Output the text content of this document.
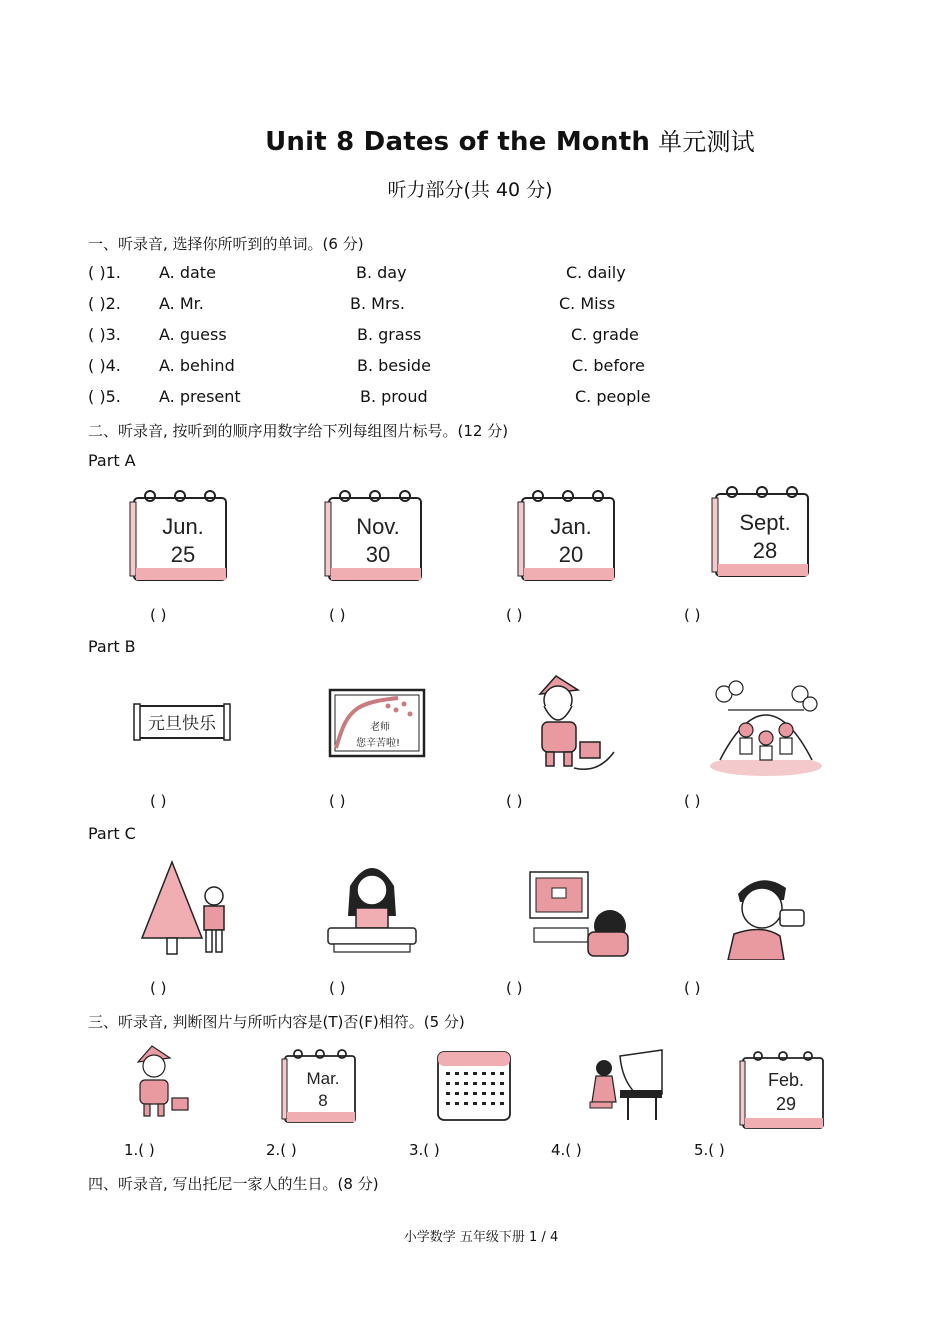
Unit 8 Dates of the Month 单元测试
听力部分(共 40 分)
一、听录音, 选择你所听到的单词。(6 分)
( )1. A. date	B. day	C. daily
( )2. A. Mr.	B. Mrs.	C. Miss
( )3. A. guess	B. grass	C. grade
( )4. A. behind	B. beside	C. before
( )5. A. present	B. proud	C. people
二、听录音, 按听到的顺序用数字给下列每组图片标号。(12 分)
Part A
Jun.
25
Nov.
30
Jan.
20
Sept.
28
( )	( )	( )	( )
Part B
元旦快乐	老师
您辛苦啦!
( )	( )	( )	( )
Part C
( )	( )	( )	( )
三、听录音, 判断图片与所听内容是(T)否(F)相符。(5 分)
Mar.
8
Feb.
29
1.( )	2.( )	3.( )	4.( )	5.( )
四、听录音, 写出托尼一家人的生日。(8 分)
小学数学 五年级下册 1 / 4
